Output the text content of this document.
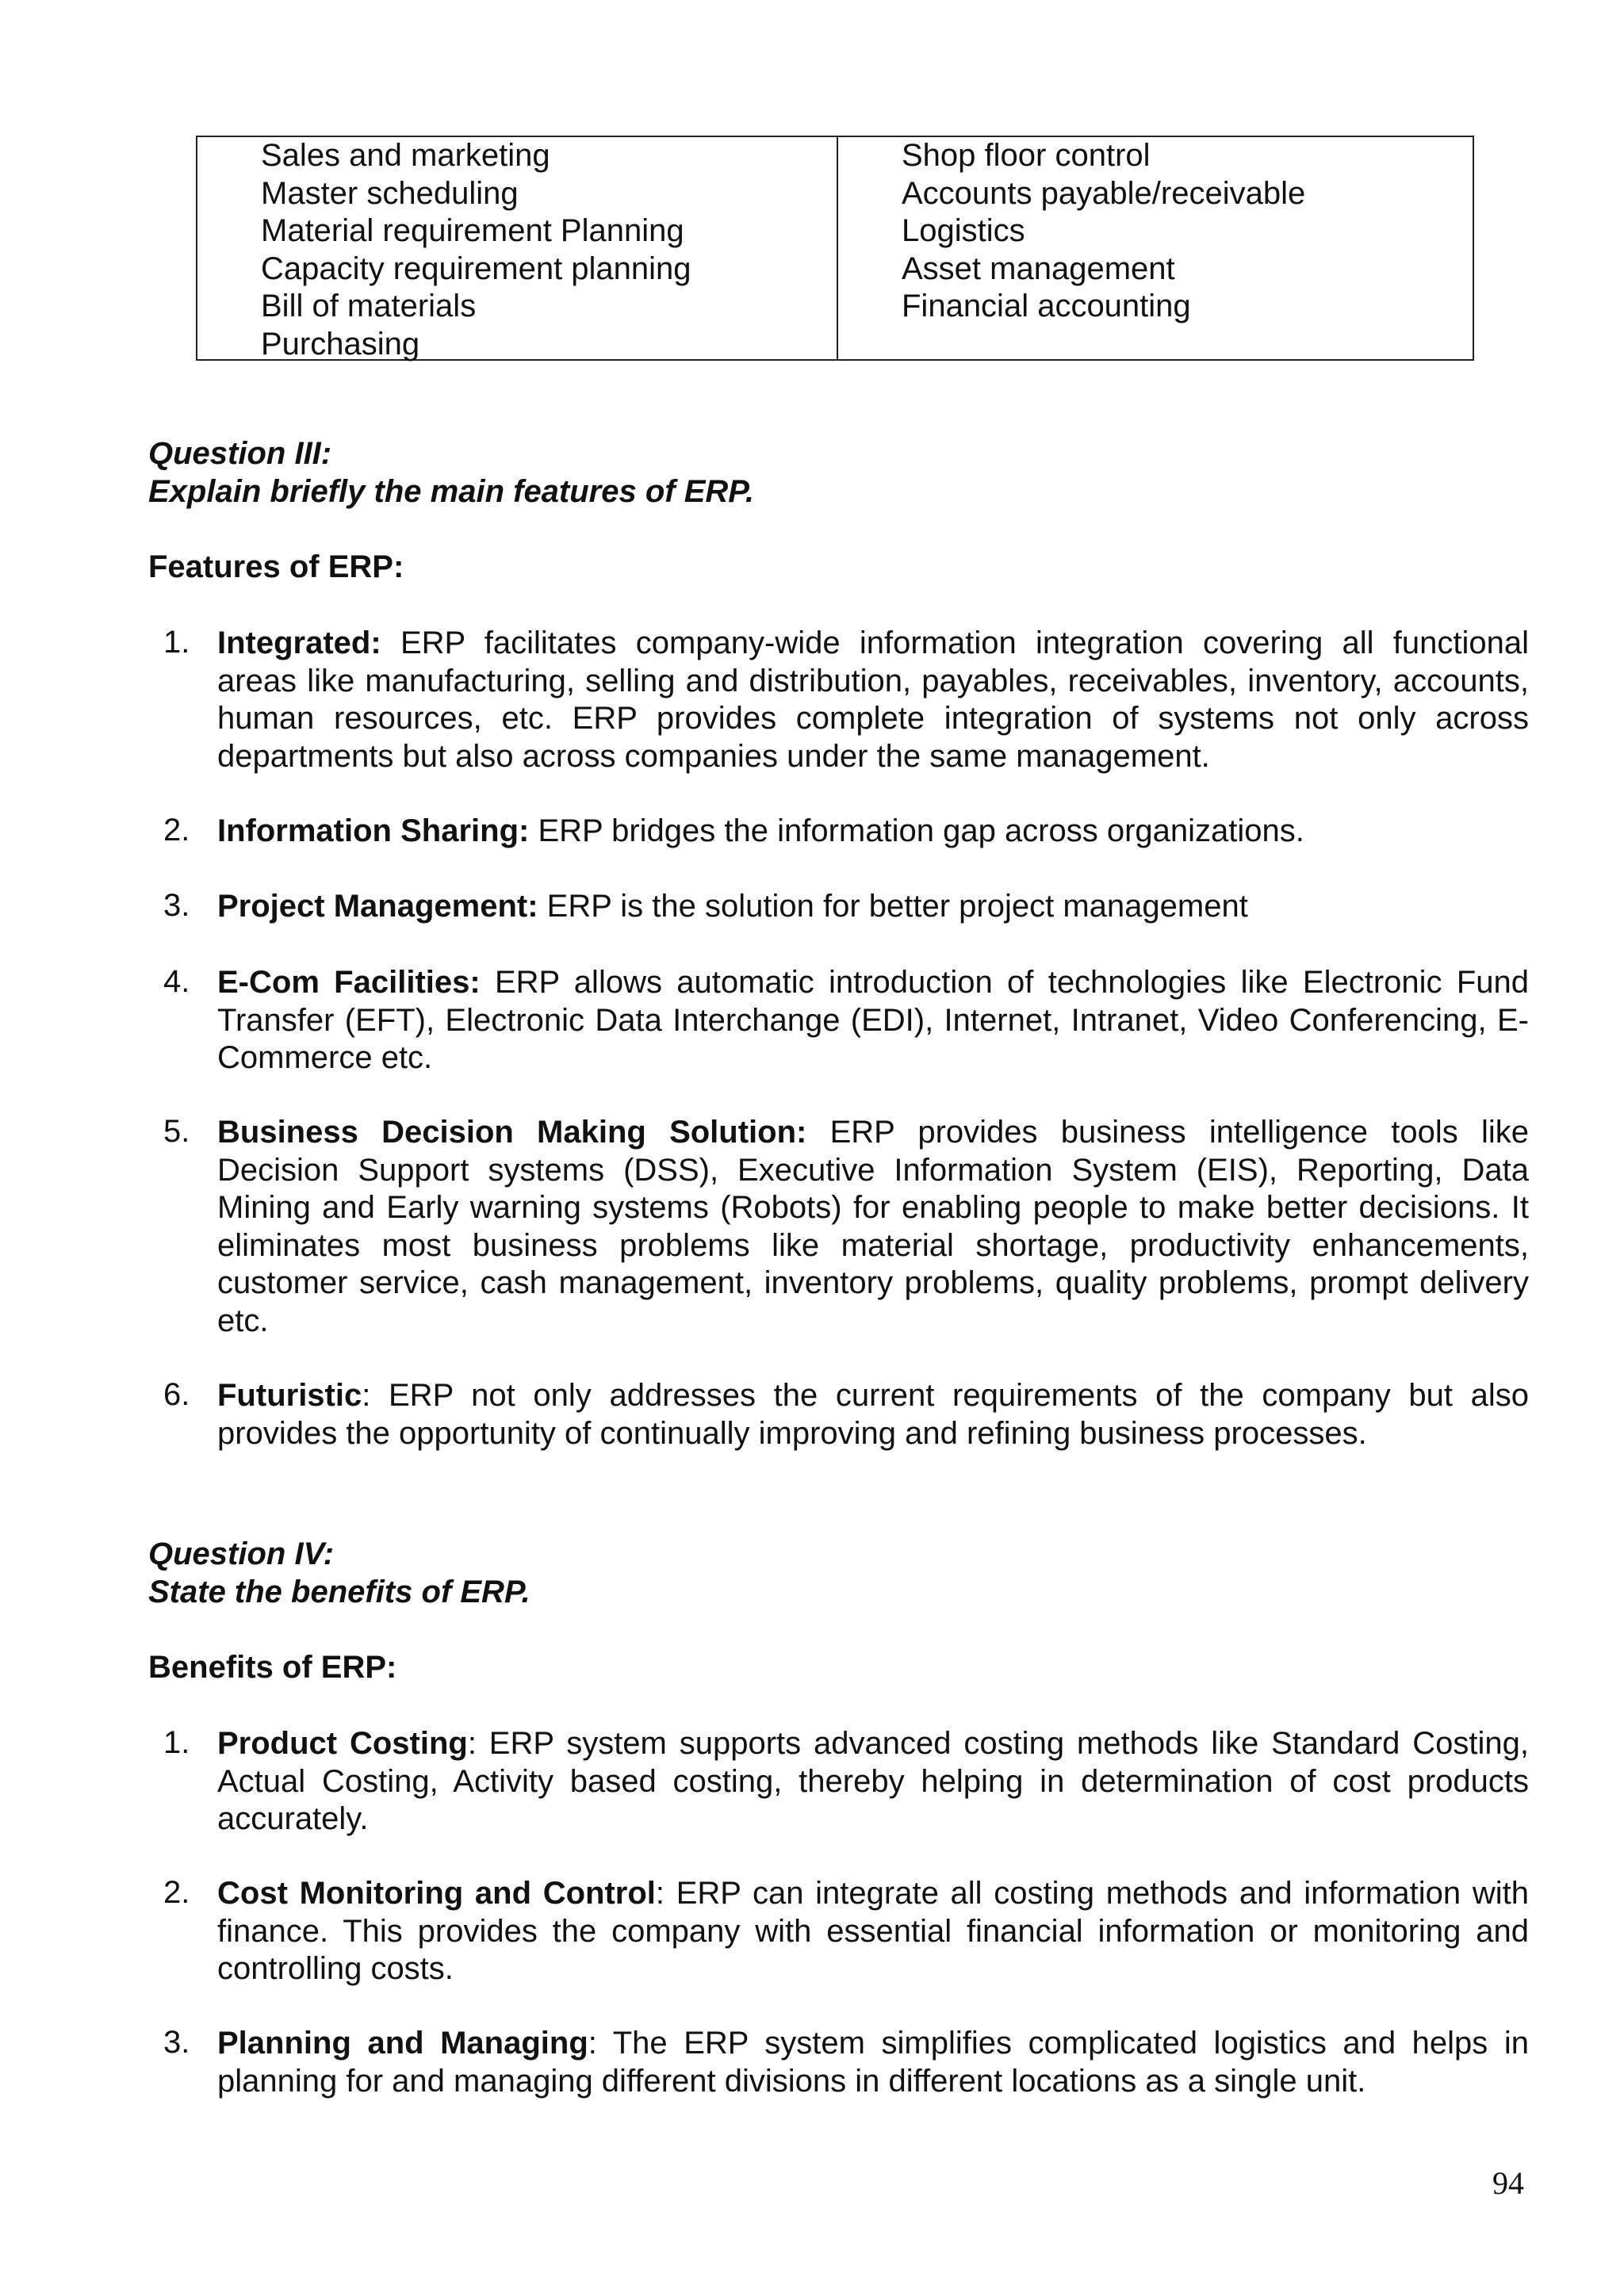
Sales and marketing
Master scheduling
Material requirement Planning
Capacity requirement planning
Bill of materials
Purchasing
Shop floor control
Accounts payable/receivable
Logistics
Asset management
Financial accounting
Question III:
Explain briefly the main features of ERP.
Features of ERP:
1. Integrated: ERP facilitates company-wide information integration covering all functional areas like manufacturing, selling and distribution, payables, receivables, inventory, accounts, human resources, etc. ERP provides complete integration of systems not only across departments but also across companies under the same management.
2. Information Sharing: ERP bridges the information gap across organizations.
3. Project Management: ERP is the solution for better project management
4. E-Com Facilities: ERP allows automatic introduction of technologies like Electronic Fund Transfer (EFT), Electronic Data Interchange (EDI), Internet, Intranet, Video Conferencing, E-Commerce etc.
5. Business Decision Making Solution: ERP provides business intelligence tools like Decision Support systems (DSS), Executive Information System (EIS), Reporting, Data Mining and Early warning systems (Robots) for enabling people to make better decisions. It eliminates most business problems like material shortage, productivity enhancements, customer service, cash management, inventory problems, quality problems, prompt delivery etc.
6. Futuristic: ERP not only addresses the current requirements of the company but also provides the opportunity of continually improving and refining business processes.
Question IV:
State the benefits of ERP.
Benefits of ERP:
1. Product Costing: ERP system supports advanced costing methods like Standard Costing, Actual Costing, Activity based costing, thereby helping in determination of cost products accurately.
2. Cost Monitoring and Control: ERP can integrate all costing methods and information with finance. This provides the company with essential financial information or monitoring and controlling costs.
3. Planning and Managing: The ERP system simplifies complicated logistics and helps in planning for and managing different divisions in different locations as a single unit.
94
